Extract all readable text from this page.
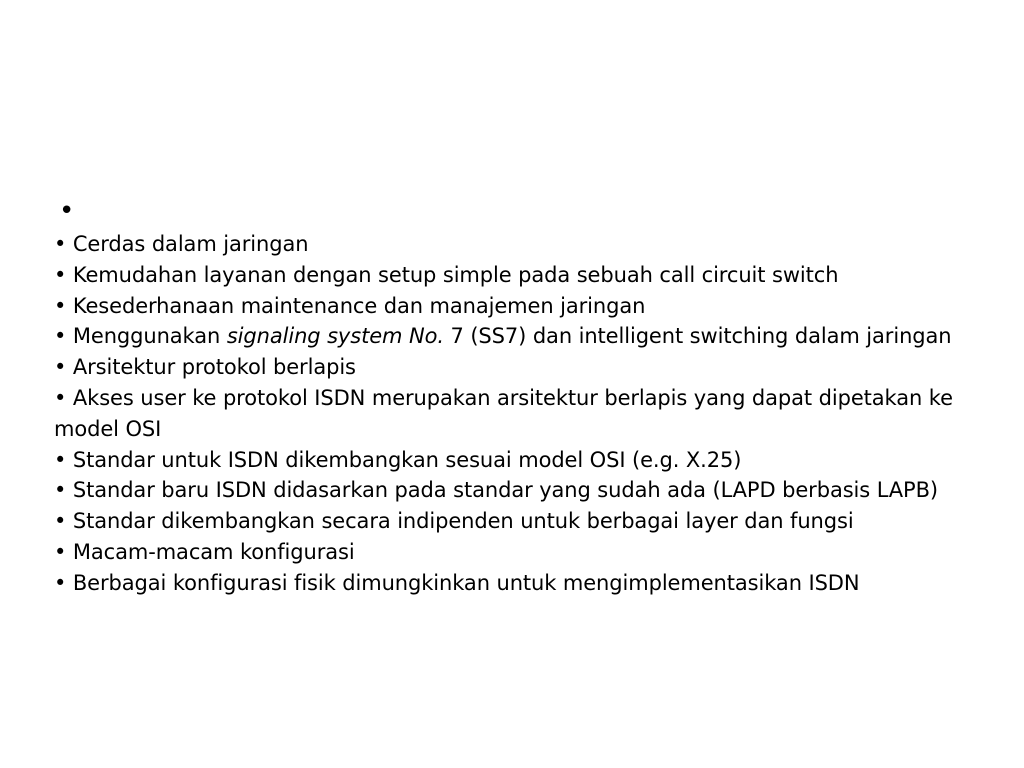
•

• Cerdas dalam jaringan

• Kemudahan layanan dengan setup simple pada sebuah call circuit switch

• Kesederhanaan maintenance dan manajemen jaringan

• Menggunakan signaling system No. 7 (SS7) dan intelligent switching dalam jaringan

• Arsitektur protokol berlapis

• Akses user ke protokol ISDN merupakan arsitektur berlapis yang dapat dipetakan ke model OSI

• Standar untuk ISDN dikembangkan sesuai model OSI (e.g. X.25)

• Standar baru ISDN didasarkan pada standar yang sudah ada (LAPD berbasis LAPB)

• Standar dikembangkan secara indipenden untuk berbagai layer dan fungsi

• Macam-macam konfigurasi

• Berbagai konfigurasi fisik dimungkinkan untuk mengimplementasikan ISDN
